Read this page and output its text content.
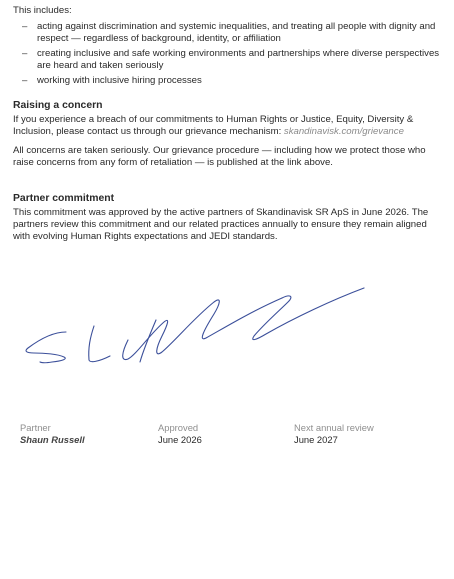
This includes:

– acting against discrimination and systemic inequalities, and treating all people with dignity and respect — regardless of background, identity, or affiliation
– creating inclusive and safe working environments and partnerships where diverse perspectives are heard and taken seriously
– working with inclusive hiring processes
Raising a concern

If you experience a breach of our commitments to Human Rights or Justice, Equity, Diversity & Inclusion, please contact us through our grievance mechanism: skandinavisk.com/grievance

All concerns are taken seriously. Our grievance procedure — including how we protect those who raise concerns from any form of retaliation — is published at the link above.

Partner commitment

This commitment was approved by the active partners of Skandinavisk SR ApS in June 2026. The partners review this commitment and our related practices annually to ensure they remain aligned with evolving Human Rights expectations and JEDI standards.

Partner
Shaun Russell
Approved
June 2026
Next annual review
June 2027
